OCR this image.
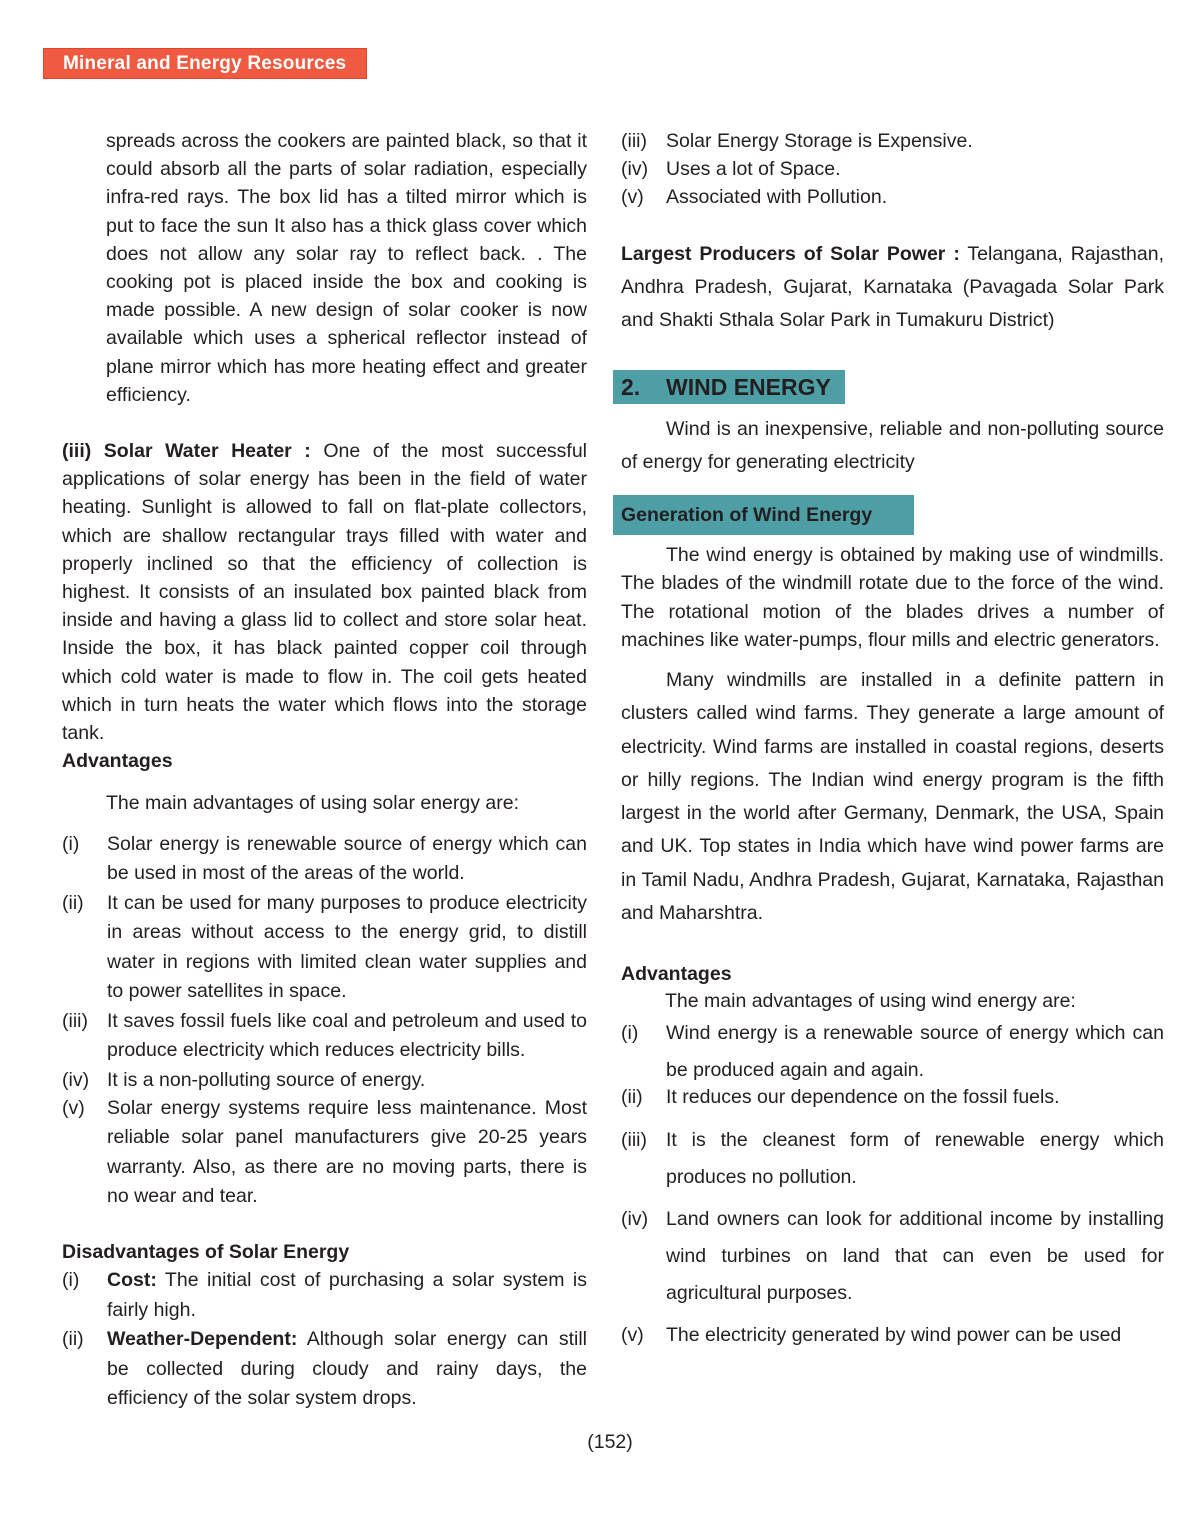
Mineral and Energy Resources

spreads across the cookers are painted black, so that it could absorb all the parts of solar radiation, especially infra-red rays. The box lid has a tilted mirror which is put to face the sun It also has a thick glass cover which does not allow any solar ray to reflect back. . The cooking pot is placed inside the box and cooking is made possible. A new design of solar cooker is now available which uses a spherical reflector instead of plane mirror which has more heating effect and greater efficiency.

(iii) Solar Water Heater : One of the most successful applications of solar energy has been in the field of water heating. Sunlight is allowed to fall on flat-plate collectors, which are shallow rectangular trays filled with water and properly inclined so that the efficiency of collection is highest. It consists of an insulated box painted black from inside and having a glass lid to collect and store solar heat. Inside the box, it has black painted copper coil through which cold water is made to flow in. The coil gets heated which in turn heats the water which flows into the storage tank.

Advantages

The main advantages of using solar energy are:

(i)	Solar energy is renewable source of energy which can be used in most of the areas of the world.
(ii)	It can be used for many purposes to produce electricity in areas without access to the energy grid, to distill water in regions with limited clean water supplies and to power satellites in space.
(iii) It saves fossil fuels like coal and petroleum and used to produce electricity which reduces electricity bills.
(iv) It is a non-polluting source of energy.
(v)	Solar energy systems require less maintenance. Most reliable solar panel manufacturers give 20-25 years warranty. Also, as there are no moving parts, there is no wear and tear.
Disadvantages of Solar Energy
(i)	Cost: The initial cost of purchasing a solar system is fairly high.
(ii)	Weather-Dependent: Although solar energy can still be collected during cloudy and rainy days, the efficiency of the solar system drops.
(iii) Solar Energy Storage is Expensive.
(iv) Uses a lot of Space.
(v)	Associated with Pollution.

Largest Producers of Solar Power : Telangana, Rajasthan, Andhra Pradesh, Gujarat, Karnataka (Pavagada Solar Park and Shakti Sthala Solar Park in Tumakuru District)

2. WIND ENERGY

Wind is an inexpensive, reliable and non-polluting source of energy for generating electricity

Generation of Wind Energy

The wind energy is obtained by making use of windmills. The blades of the windmill rotate due to the force of the wind. The rotational motion of the blades drives a number of machines like water-pumps, flour mills and electric generators.

Many windmills are installed in a definite pattern in clusters called wind farms. They generate a large amount of electricity. Wind farms are installed in coastal regions, deserts or hilly regions. The Indian wind energy program is the fifth largest in the world after Germany, Denmark, the USA, Spain and UK. Top states in India which have wind power farms are in Tamil Nadu, Andhra Pradesh, Gujarat, Karnataka, Rajasthan and Maharshtra.

Advantages

The main advantages of using wind energy are:

(i)	Wind energy is a renewable source of energy which can be produced again and again.
(ii)	It reduces our dependence on the fossil fuels.
(iii) It is the cleanest form of renewable energy which produces no pollution.
(iv) Land owners can look for additional income by installing wind turbines on land that can even be used for agricultural purposes.
(v)	The electricity generated by wind power can be used
(152)
